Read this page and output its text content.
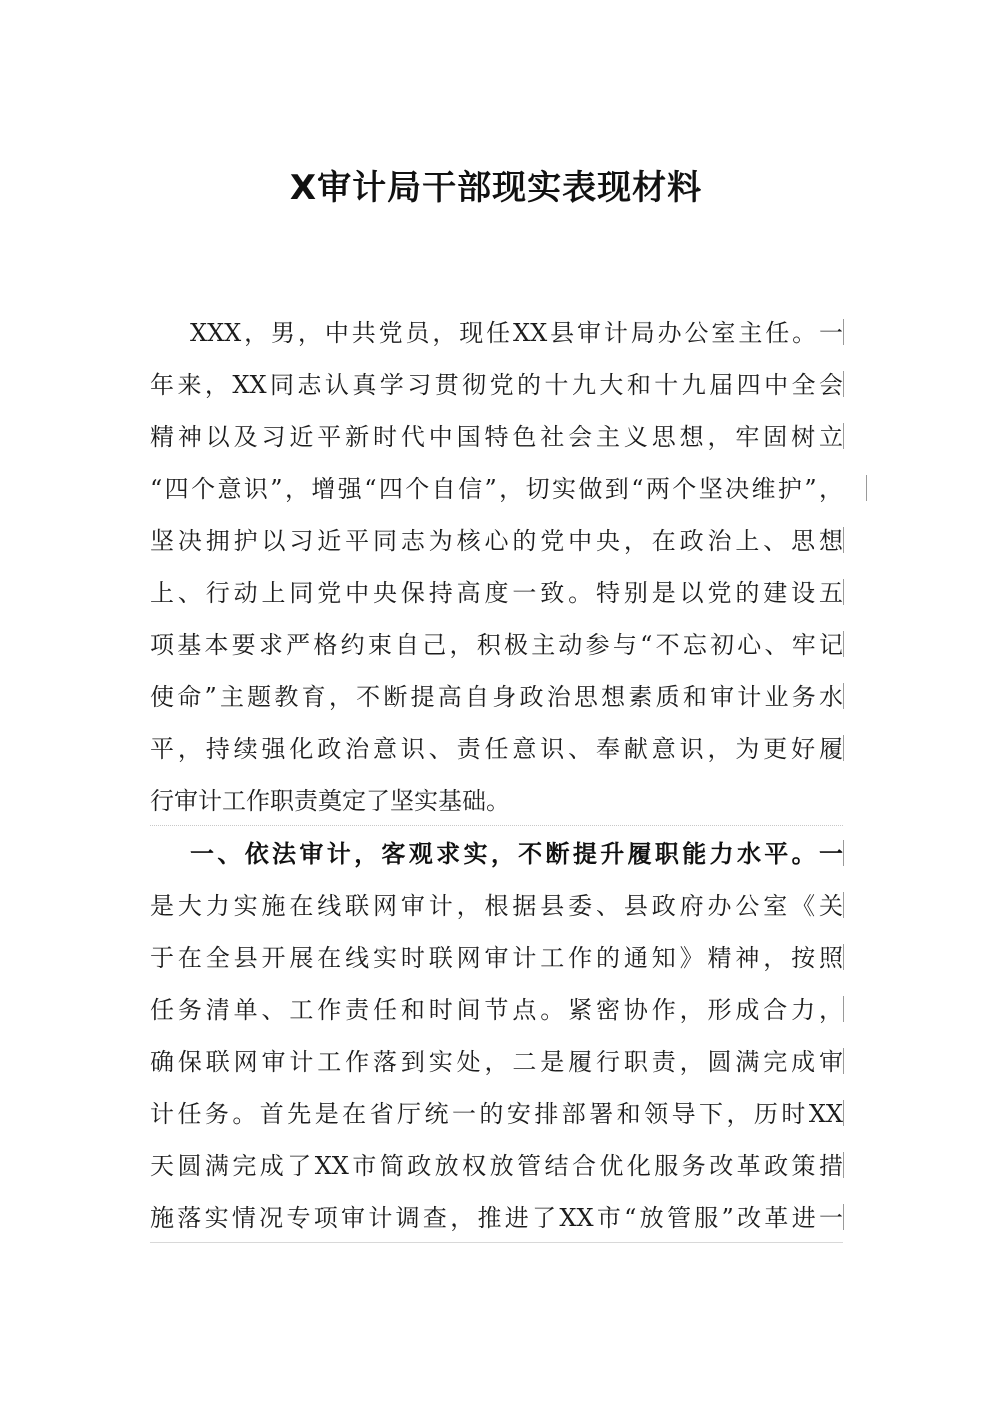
X审计局干部现实表现材料
XXX，男，中共党员，现任XX县审计局办公室主任。一
年来，XX同志认真学习贯彻党的十九大和十九届四中全会
精神以及习近平新时代中国特色社会主义思想，牢固树立
“四个意识”，增强“四个自信”，切实做到“两个坚决维护”，
坚决拥护以习近平同志为核心的党中央，在政治上、思想
上、行动上同党中央保持高度一致。特别是以党的建设五
项基本要求严格约束自己，积极主动参与“不忘初心、牢记
使命”主题教育，不断提高自身政治思想素质和审计业务水
平，持续强化政治意识、责任意识、奉献意识，为更好履
行审计工作职责奠定了坚实基础。
一、依法审计，客观求实，不断提升履职能力水平。一
是大力实施在线联网审计，根据县委、县政府办公室《关
于在全县开展在线实时联网审计工作的通知》精神，按照
任务清单、工作责任和时间节点。紧密协作，形成合力，
确保联网审计工作落到实处，二是履行职责，圆满完成审
计任务。首先是在省厅统一的安排部署和领导下，历时XX
天圆满完成了XX市简政放权放管结合优化服务改革政策措
施落实情况专项审计调查，推进了XX市“放管服”改革进一
